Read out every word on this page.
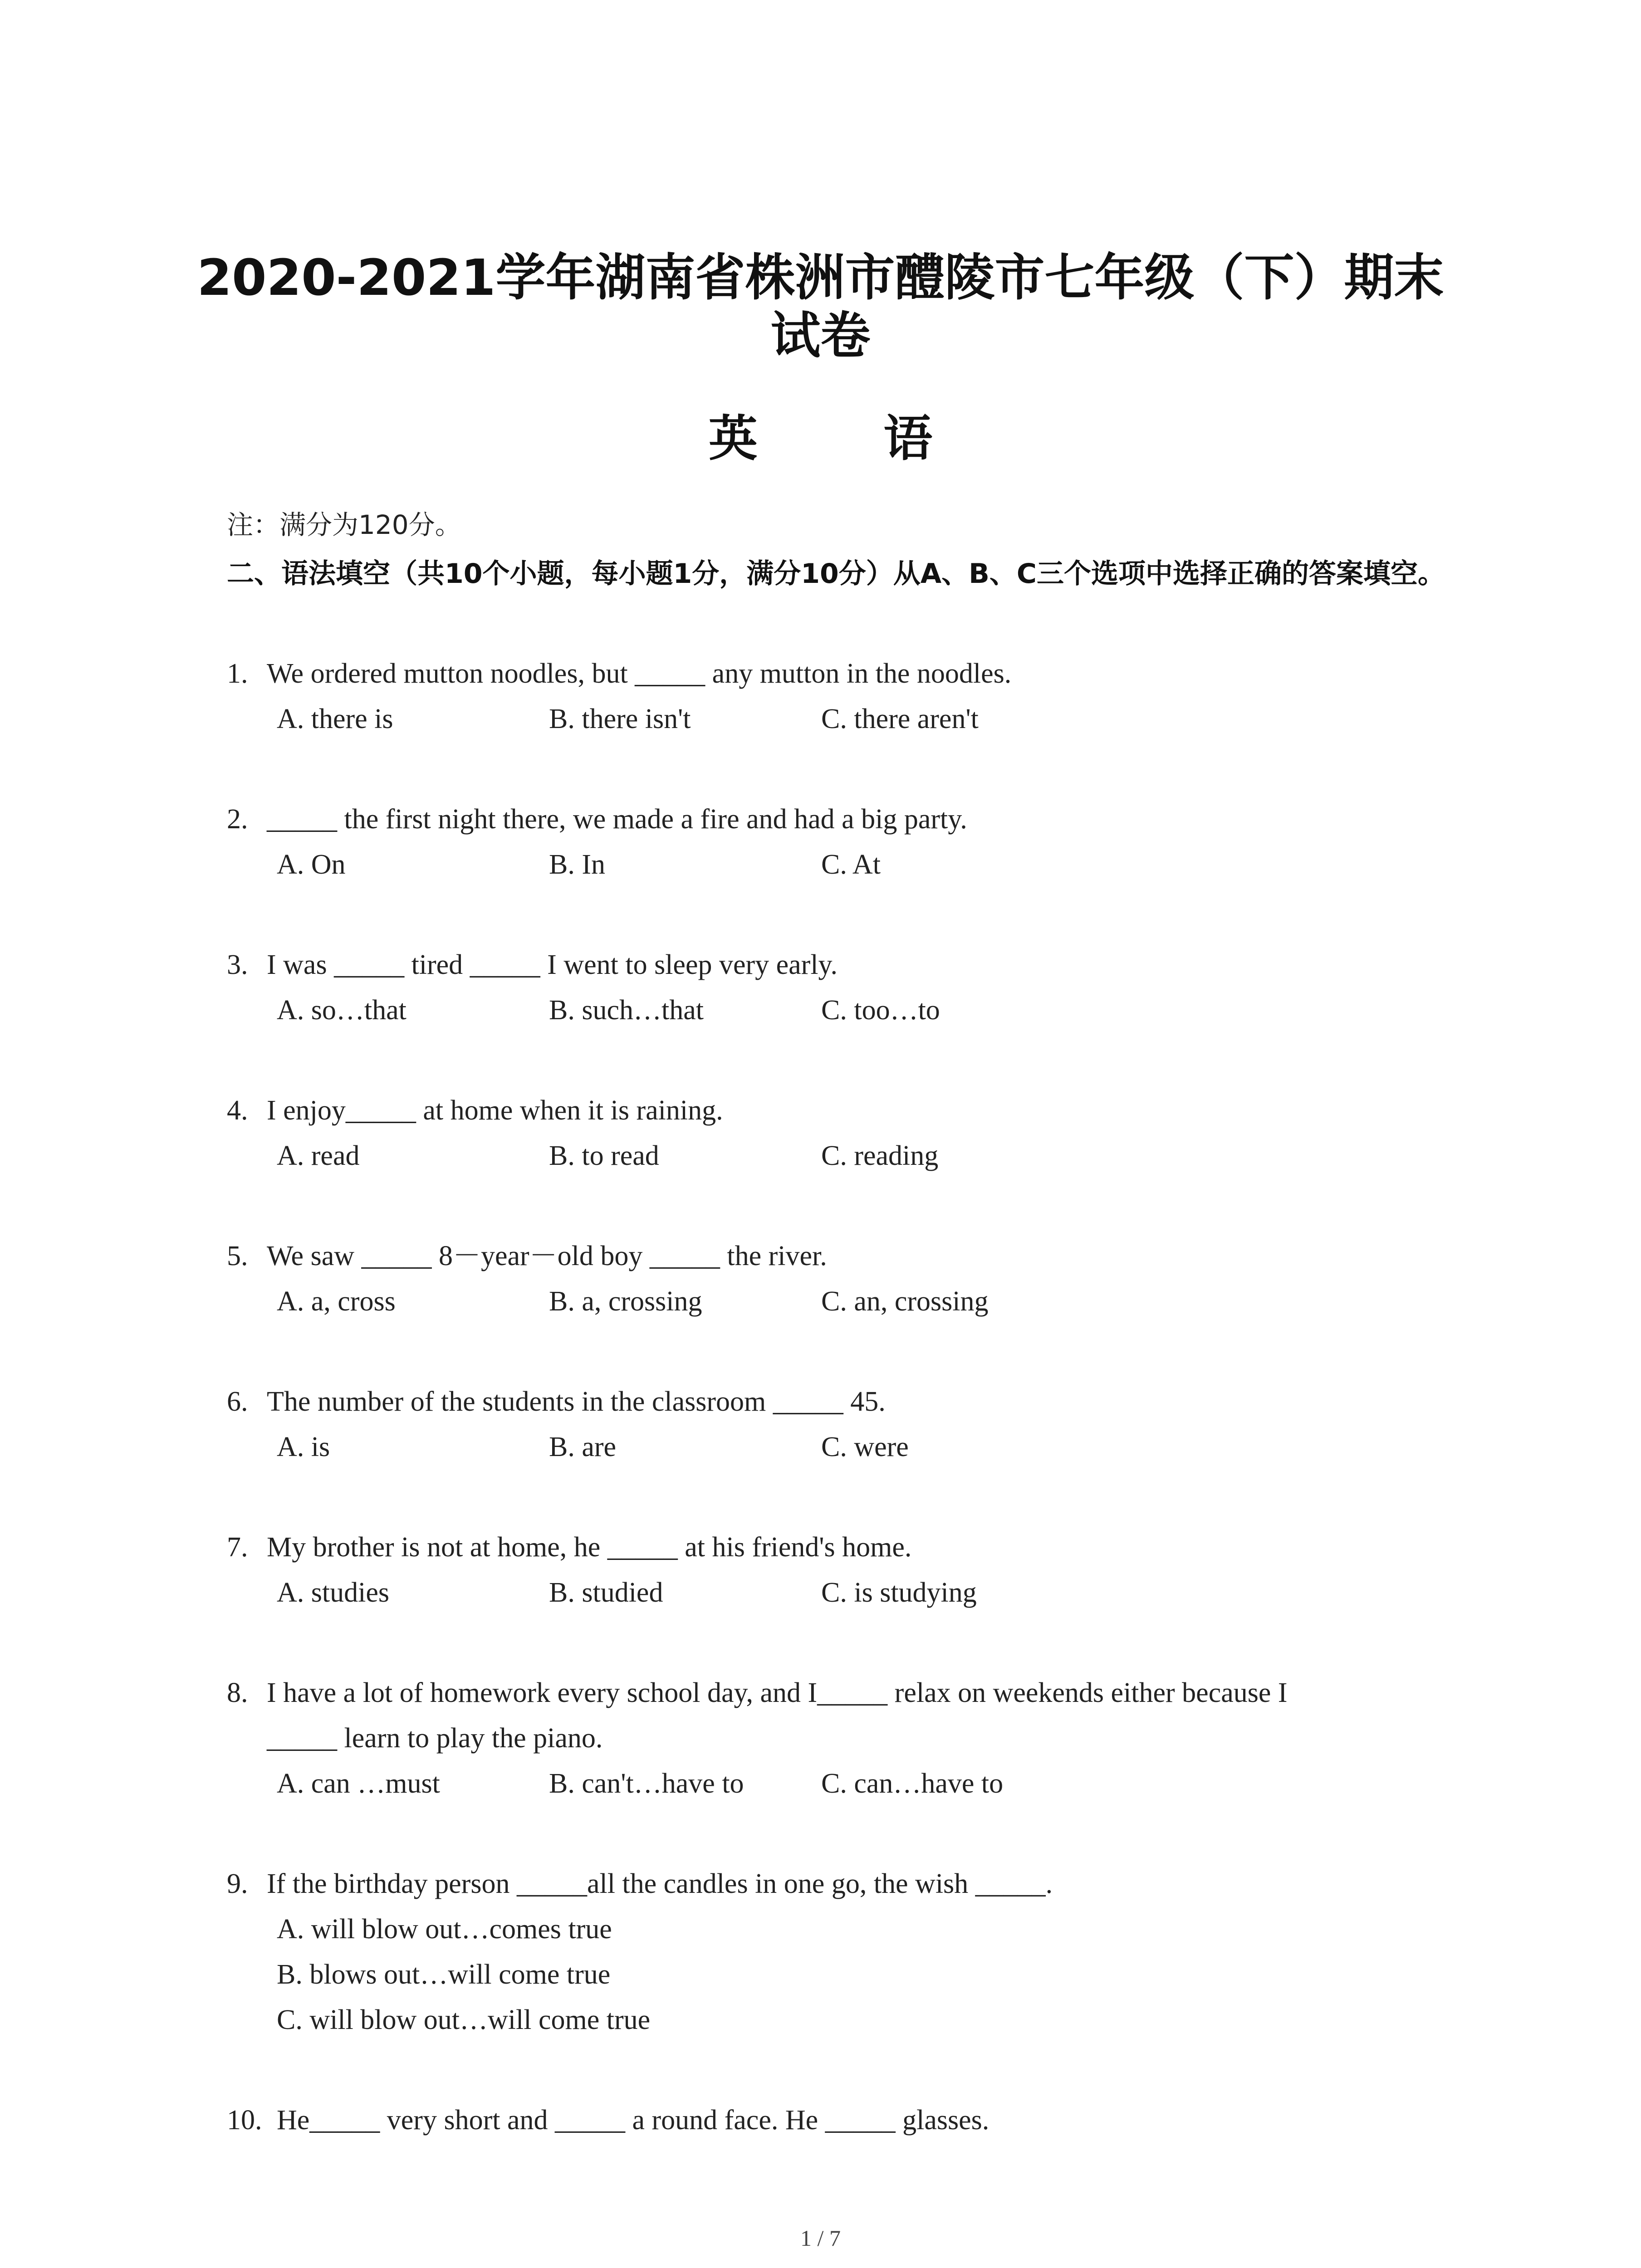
2020-2021学年湖南省株洲市醴陵市七年级（下）期末
试卷
英 语
注：满分为120分。
二、语法填空（共10个小题，每小题1分，满分10分）从A、B、C三个选项中选择正确的答案填空。
1. We ordered mutton noodles, but _____ any mutton in the noodles.
A. there is	B. there isn't	C. there aren't
2. _____ the first night there, we made a fire and had a big party.
A. On	B. In	C. At
3. I was _____ tired _____ I went to sleep very early.
A. so…that	B. such…that	C. too…to
4. I enjoy_____ at home when it is raining.
A. read	B. to read	C. reading
5. We saw _____ 8－year－old boy _____ the river.
A. a, cross	B. a, crossing	C. an, crossing
6. The number of the students in the classroom _____ 45.
A. is	B. are	C. were
7. My brother is not at home, he _____ at his friend's home.
A. studies	B. studied	C. is studying
8. I have a lot of homework every school day, and I_____ relax on weekends either because I
_____ learn to play the piano.
A. can …must	B. can't…have to	C. can…have to
9. If the birthday person _____all the candles in one go, the wish _____.
A. will blow out…comes true
B. blows out…will come true
C. will blow out…will come true
10. He_____ very short and _____ a round face. He _____ glasses.
1 / 7
